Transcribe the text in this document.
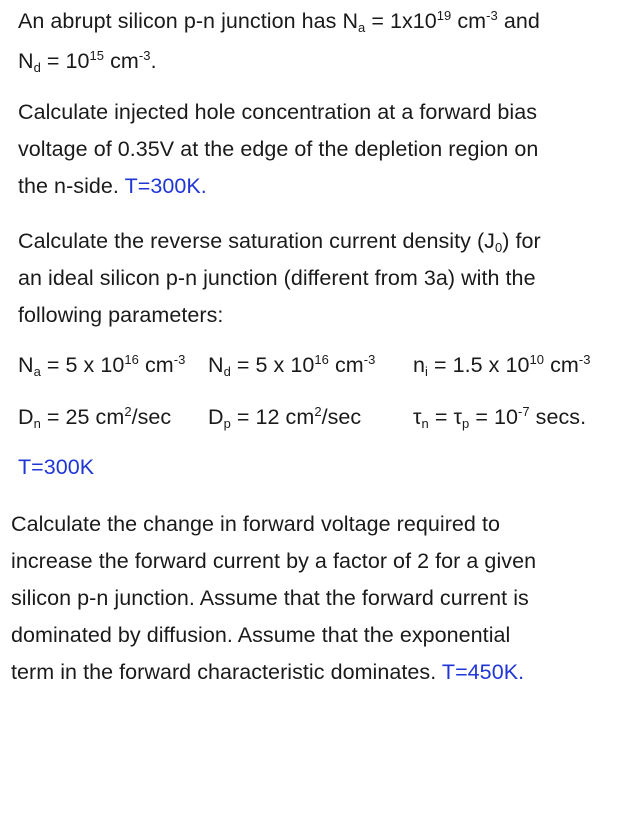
An abrupt silicon p-n junction has $N_a = 1x10^{19}$ $cm^{-3}$ and
$N_d = 10^{15}$ $cm^{-3}$.
Calculate injected hole concentration at a forward bias
voltage of 0.35V at the edge of the depletion region on
the n-side. T=300K.
Calculate the reverse saturation current density $(J_0)$ for
an ideal silicon p-n junction (different from 3a) with the
following parameters:
$N_a = 5$ x $10^{16}$ $cm^{-3}$ $N_d = 5$ x $10^{16}$ $cm^{-3}$ $n_i = 1.5$ x $10^{10}$ $cm^{-3}$
$D_n = 25$ $cm^2/\sec$ $D_p = 12$ $cm^2/\sec$ $\tau_n = \tau_p = 10^{-7}$ secs.
T=300K
Calculate the change in forward voltage required to
increase the forward current by a factor of 2 for a given
silicon p-n junction. Assume that the forward current is
dominated by diffusion. Assume that the exponential
term in the forward characteristic dominates. T=450K.
